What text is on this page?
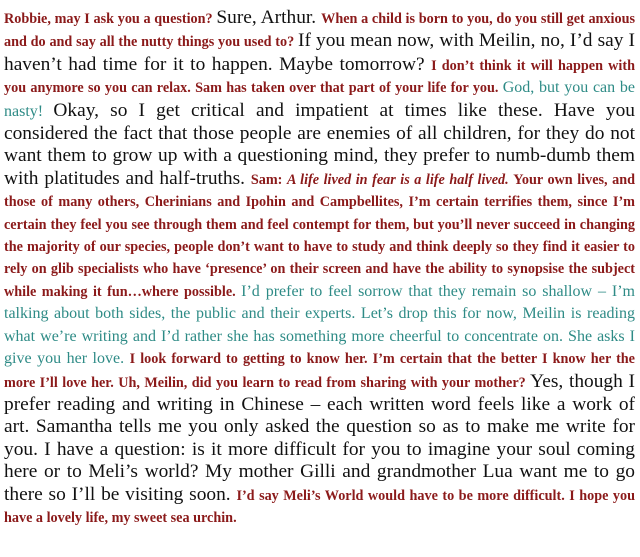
Robbie, may I ask you a question? Sure, Arthur. When a child is born to you, do you still get anxious and do and say all the nutty things you used to? If you mean now, with Meilin, no, I’d say I haven’t had time for it to happen. Maybe tomorrow? I don’t think it will happen with you anymore so you can relax. Sam has taken over that part of your life for you. God, but you can be nasty! Okay, so I get critical and impatient at times like these. Have you considered the fact that those people are enemies of all children, for they do not want them to grow up with a questioning mind, they prefer to numb-dumb them with platitudes and half-truths. Sam: A life lived in fear is a life half lived. Your own lives, and those of many others, Cherinians and Ipohin and Campbellites, I’m certain terrifies them, since I’m certain they feel you see through them and feel contempt for them, but you’ll never succeed in changing the majority of our species, people don’t want to have to study and think deeply so they find it easier to rely on glib specialists who have ‘presence’ on their screen and have the ability to synopsise the subject while making it fun…where possible. I’d prefer to feel sorrow that they remain so shallow – I’m talking about both sides, the public and their experts. Let’s drop this for now, Meilin is reading what we’re writing and I’d rather she has something more cheerful to concentrate on. She asks I give you her love. I look forward to getting to know her. I’m certain that the better I know her the more I’ll love her. Uh, Meilin, did you learn to read from sharing with your mother? Yes, though I prefer reading and writing in Chinese – each written word feels like a work of art. Samantha tells me you only asked the question so as to make me write for you. I have a question: is it more difficult for you to imagine your soul coming here or to Meli’s world? My mother Gilli and grandmother Lua want me to go there so I’ll be visiting soon. I’d say Meli’s World would have to be more difficult. I hope you have a lovely life, my sweet sea urchin.
